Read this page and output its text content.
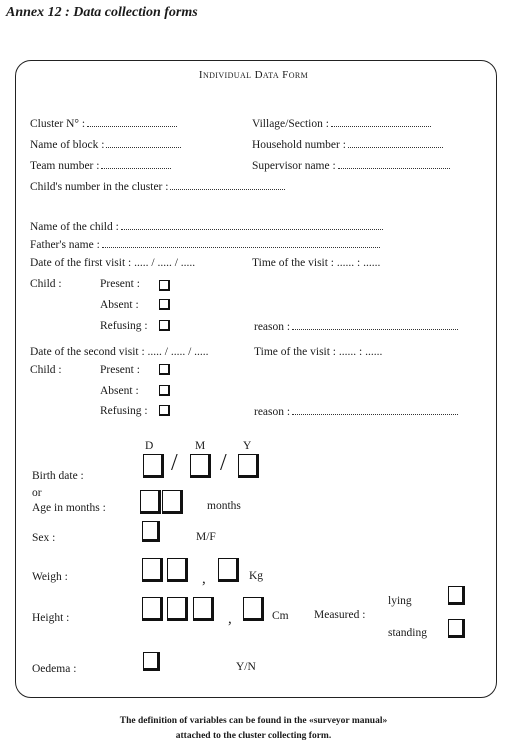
Annex 12 : Data collection forms
Individual Data Form
Cluster N° :	Village/Section :
Name of block :	Household number :
Team number :	Supervisor name :
Child's number in the cluster :
Name of the child :
Father's name :
Date of the first visit : ..... / ..... / .....	Time of the visit : ...... : ......
Child :	Present :
Absent :
Refusing :	reason :
Date of the second visit : ..... / ..... / .....	Time of the visit : ...... : ......
Child :	Present :
Absent :
Refusing :	reason :
D	M	Y
/ /
Birth date :
or
Age in months :	months
Sex :	M/F
Weigh :	,	Kg
Height :	,	Cm Measured :
lying
standing
Oedema :	Y/N
The definition of variables can be found in the «surveyor manual»
attached to the cluster collecting form.
